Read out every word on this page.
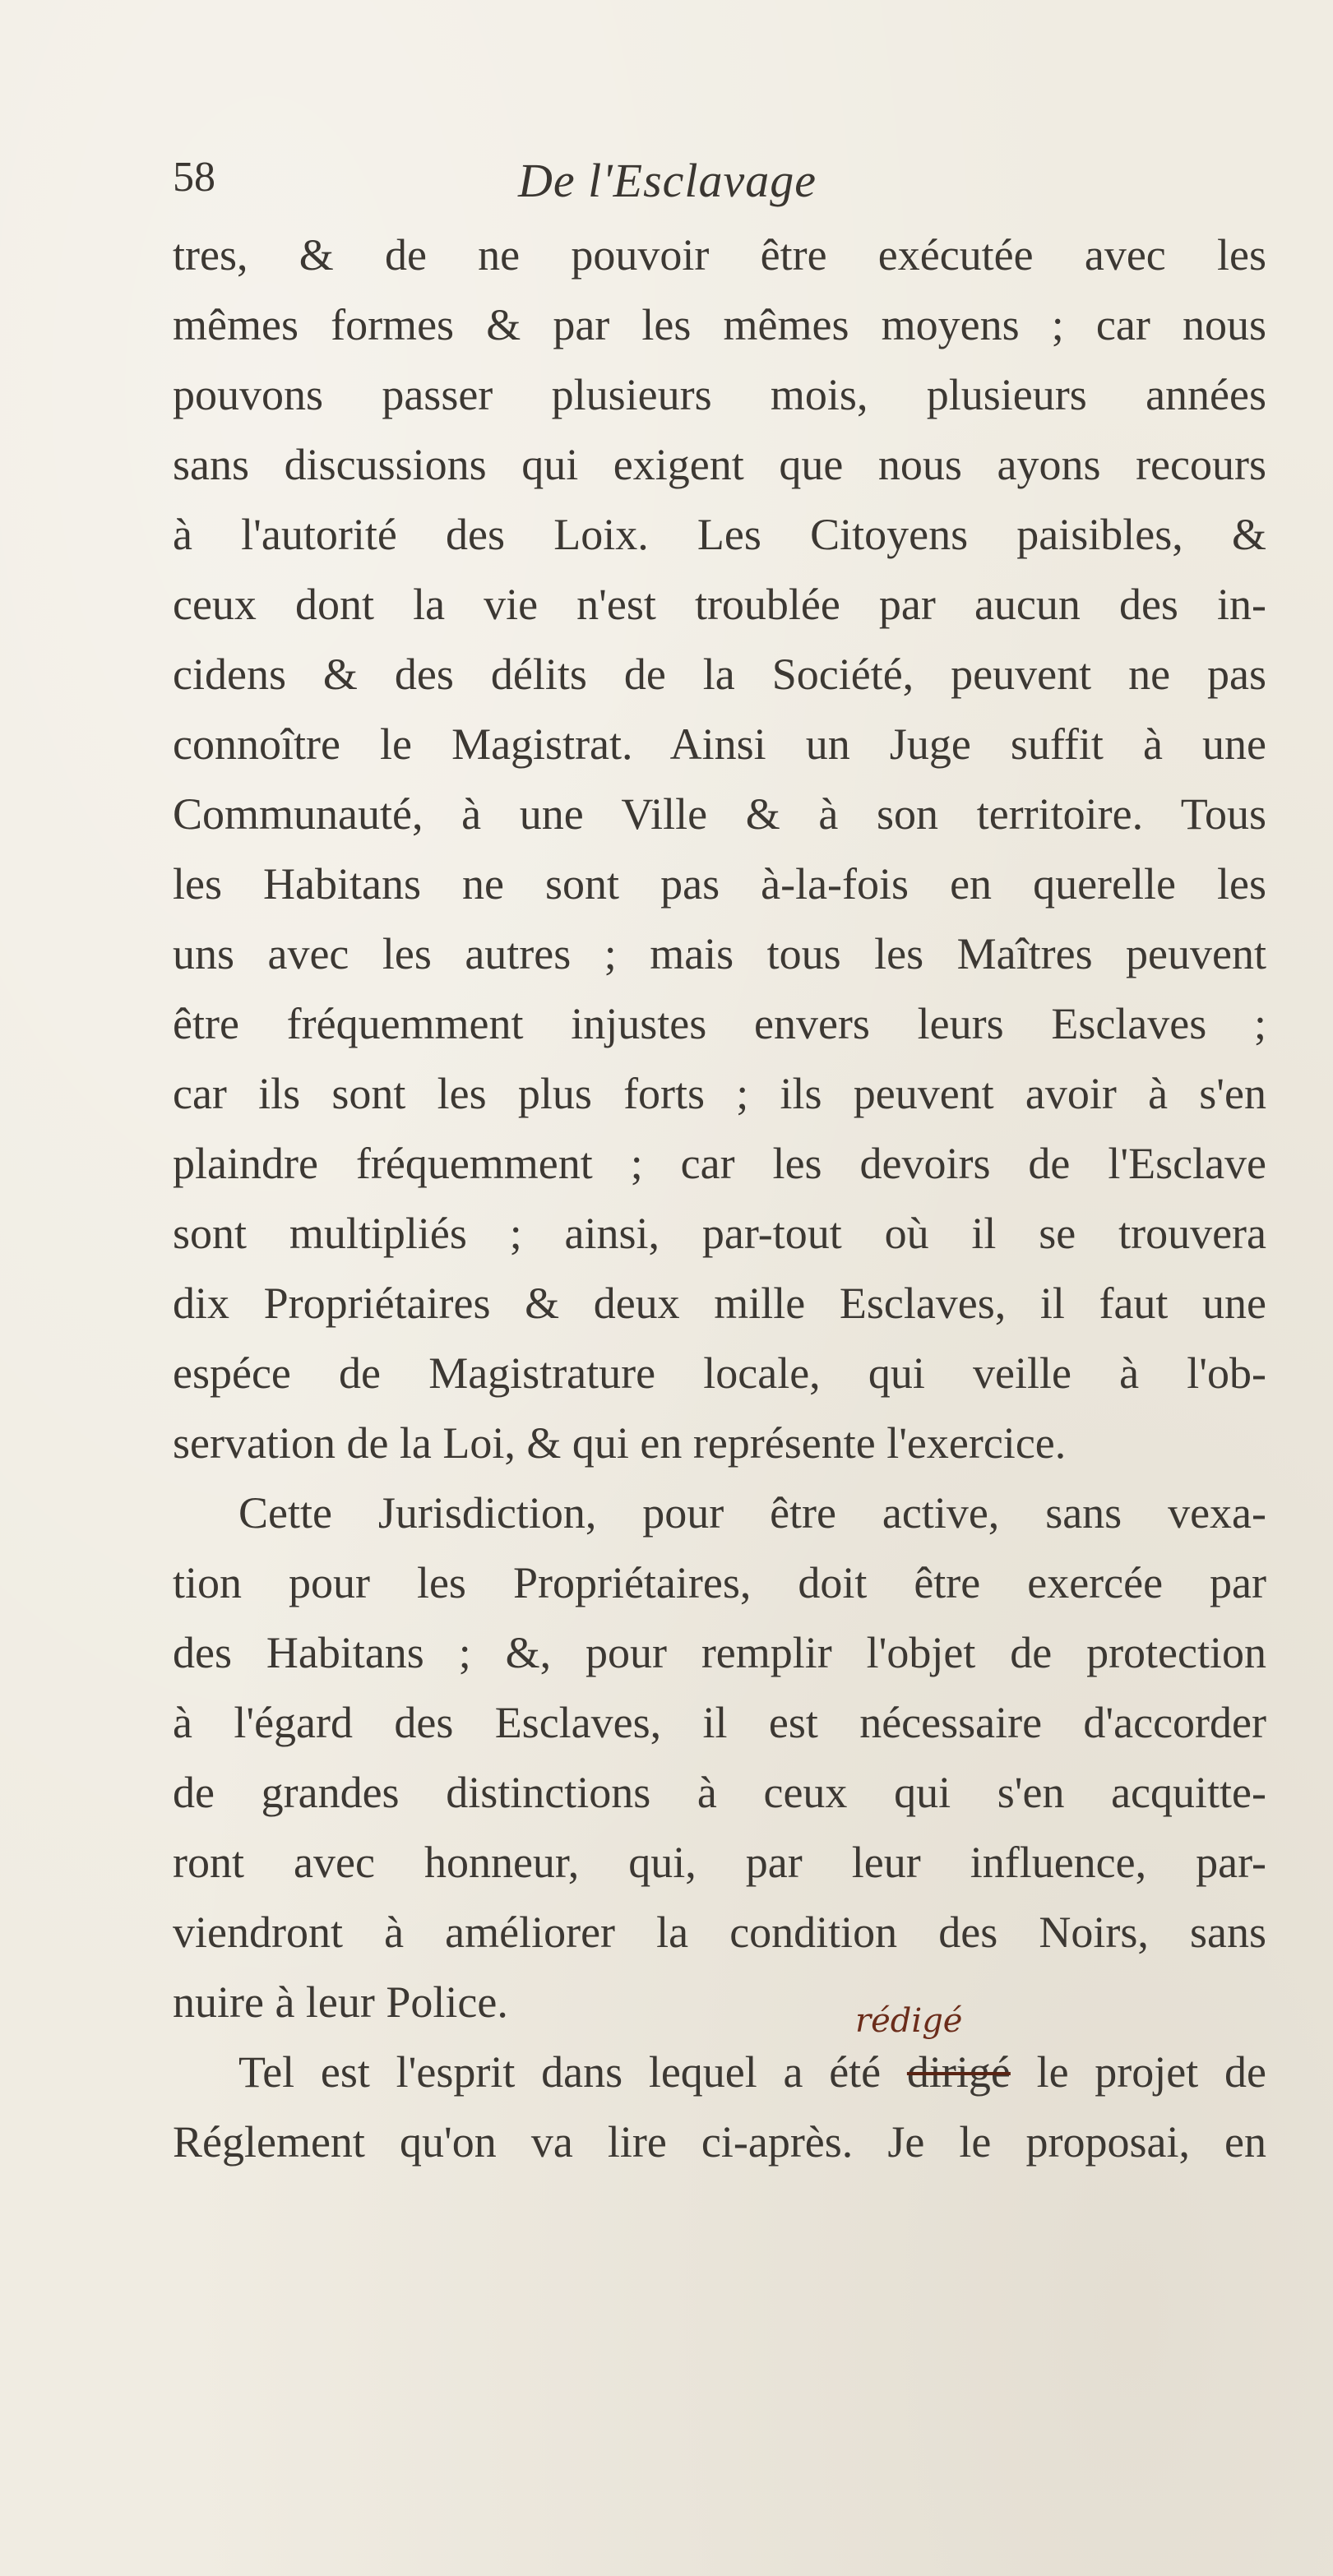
58	De l'Esclavage
tres, & de ne pouvoir être exécutée avec les
mêmes formes & par les mêmes moyens ; car nous
pouvons passer plusieurs mois, plusieurs années
sans discussions qui exigent que nous ayons recours
à l'autorité des Loix. Les Citoyens paisibles, &
ceux dont la vie n'est troublée par aucun des in-
cidens & des délits de la Société, peuvent ne pas
connoître le Magistrat. Ainsi un Juge suffit à une
Communauté, à une Ville & à son territoire. Tous
les Habitans ne sont pas à-la-fois en querelle les
uns avec les autres ; mais tous les Maîtres peuvent
être fréquemment injustes envers leurs Esclaves ;
car ils sont les plus forts ; ils peuvent avoir à s'en
plaindre fréquemment ; car les devoirs de l'Esclave
sont multipliés ; ainsi, par-tout où il se trouvera
dix Propriétaires & deux mille Esclaves, il faut une
espéce de Magistrature locale, qui veille à l'ob-
servation de la Loi, & qui en représente l'exercice.
Cette Jurisdiction, pour être active, sans vexa-
tion pour les Propriétaires, doit être exercée par
des Habitans ; &, pour remplir l'objet de protection
à l'égard des Esclaves, il est nécessaire d'accorder
de grandes distinctions à ceux qui s'en acquitte-
ront avec honneur, qui, par leur influence, par-
viendront à améliorer la condition des Noirs, sans
nuire à leur Police.
Tel est l'esprit dans lequel a été dirigé le projet de
rédigé
Réglement qu'on va lire ci-après. Je le proposai, en
